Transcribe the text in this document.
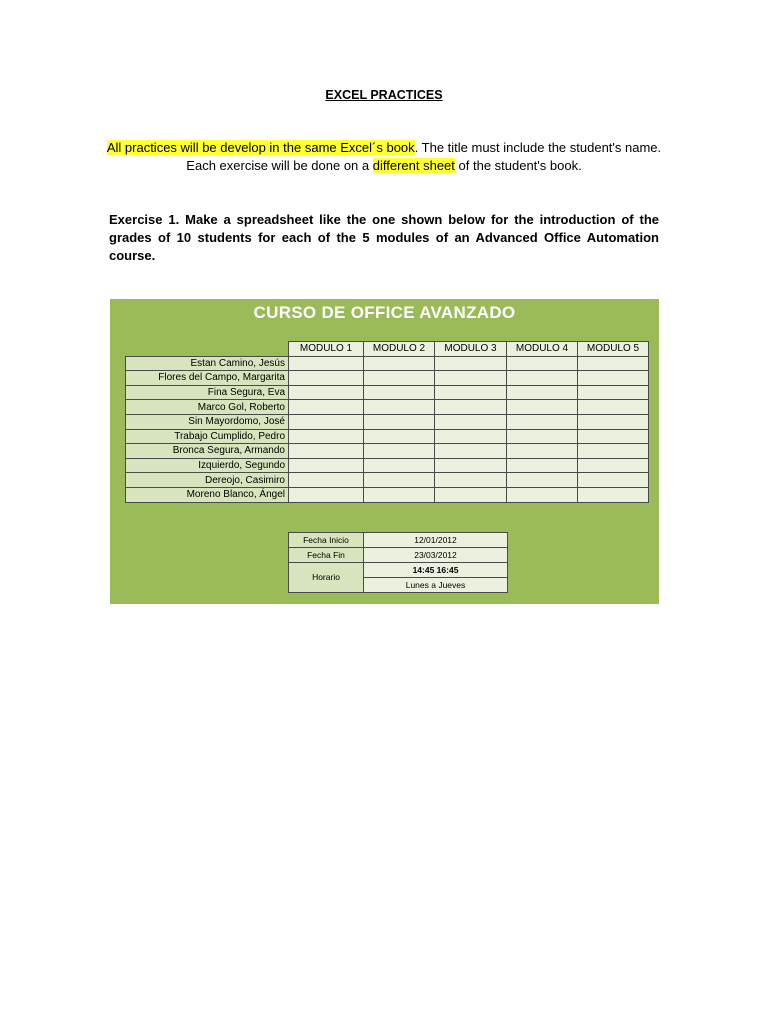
EXCEL PRACTICES
All practices will be develop in the same Excel´s book. The title must include the student's name. Each exercise will be done on a different sheet of the student's book.
Exercise 1. Make a spreadsheet like the one shown below for the introduction of the grades of 10 students for each of the 5 modules of an Advanced Office Automation course.
CURSO DE OFFICE AVANZADO
	MODULO 1	MODULO 2	MODULO 3	MODULO 4	MODULO 5
Estan Camino, Jesús					
Flores del Campo, Margarita					
Fina Segura, Eva					
Marco Gol, Roberto					
Sin Mayordomo, José					
Trabajo Cumplido, Pedro					
Bronca Segura, Armando					
Izquierdo, Segundo					
Dereojo, Casimiro					
Moreno Blanco, Ángel					
Fecha Inicio	12/01/2012
Fecha Fin	23/03/2012
Horario	14:45 16:45
	Lunes a Jueves
